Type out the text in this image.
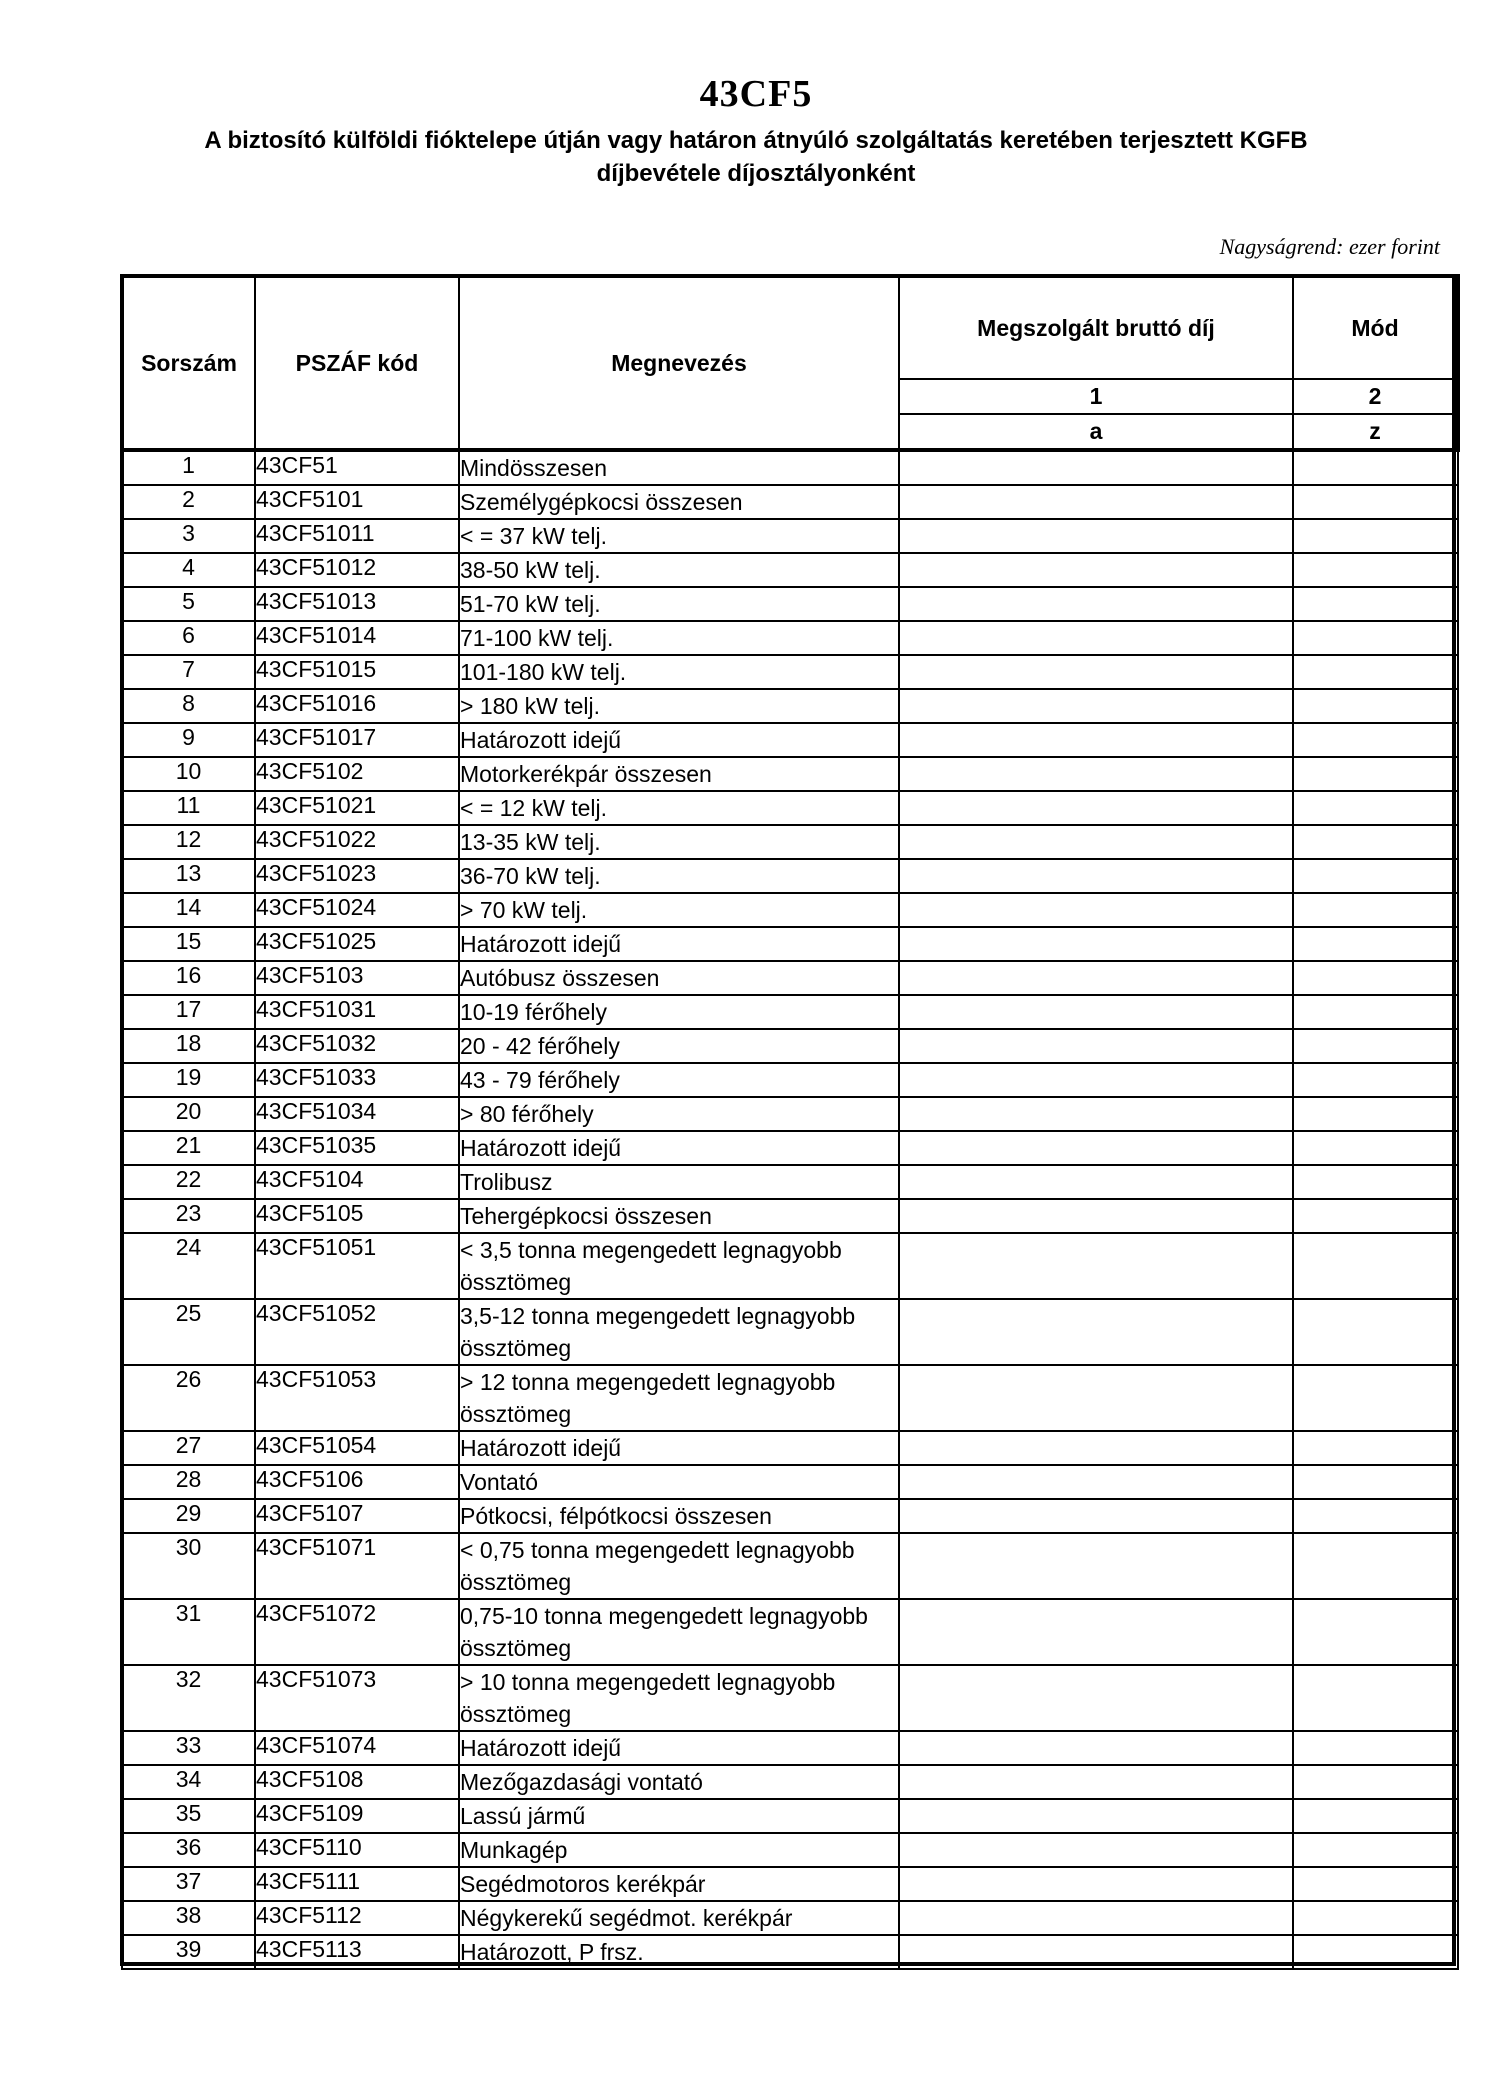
43CF5
A biztosító külföldi fióktelepe útján vagy határon átnyúló szolgáltatás keretében terjesztett KGFB
díjbevétele díjosztályonként
Nagyságrend: ezer forint
Sorszám	PSZÁF kód	Megnevezés	Megszolgált bruttó díj	Mód
			1	2
			a	z
1	43CF51	Mindösszesen		
2	43CF5101	Személygépkocsi összesen		
3	43CF51011	< = 37 kW telj.		
4	43CF51012	38-50 kW telj.		
5	43CF51013	51-70 kW telj.		
6	43CF51014	71-100 kW telj.		
7	43CF51015	101-180 kW telj.		
8	43CF51016	> 180 kW telj.		
9	43CF51017	Határozott idejű		
10	43CF5102	Motorkerékpár összesen		
11	43CF51021	< = 12 kW telj.		
12	43CF51022	13-35 kW telj.		
13	43CF51023	36-70 kW telj.		
14	43CF51024	> 70 kW telj.		
15	43CF51025	Határozott idejű		
16	43CF5103	Autóbusz összesen		
17	43CF51031	10-19 férőhely		
18	43CF51032	20 - 42 férőhely		
19	43CF51033	43 - 79 férőhely		
20	43CF51034	> 80 férőhely		
21	43CF51035	Határozott idejű		
22	43CF5104	Trolibusz		
23	43CF5105	Tehergépkocsi összesen		
24	43CF51051	< 3,5 tonna megengedett legnagyobb össztömeg		
25	43CF51052	3,5-12 tonna megengedett legnagyobb össztömeg		
26	43CF51053	> 12 tonna megengedett legnagyobb össztömeg		
27	43CF51054	Határozott idejű		
28	43CF5106	Vontató		
29	43CF5107	Pótkocsi, félpótkocsi összesen		
30	43CF51071	< 0,75 tonna megengedett legnagyobb össztömeg		
31	43CF51072	0,75-10 tonna megengedett legnagyobb össztömeg		
32	43CF51073	> 10 tonna megengedett legnagyobb össztömeg		
33	43CF51074	Határozott idejű		
34	43CF5108	Mezőgazdasági vontató		
35	43CF5109	Lassú jármű		
36	43CF5110	Munkagép		
37	43CF5111	Segédmotoros kerékpár		
38	43CF5112	Négykerekű segédmot. kerékpár		
39	43CF5113	Határozott, P frsz.		
